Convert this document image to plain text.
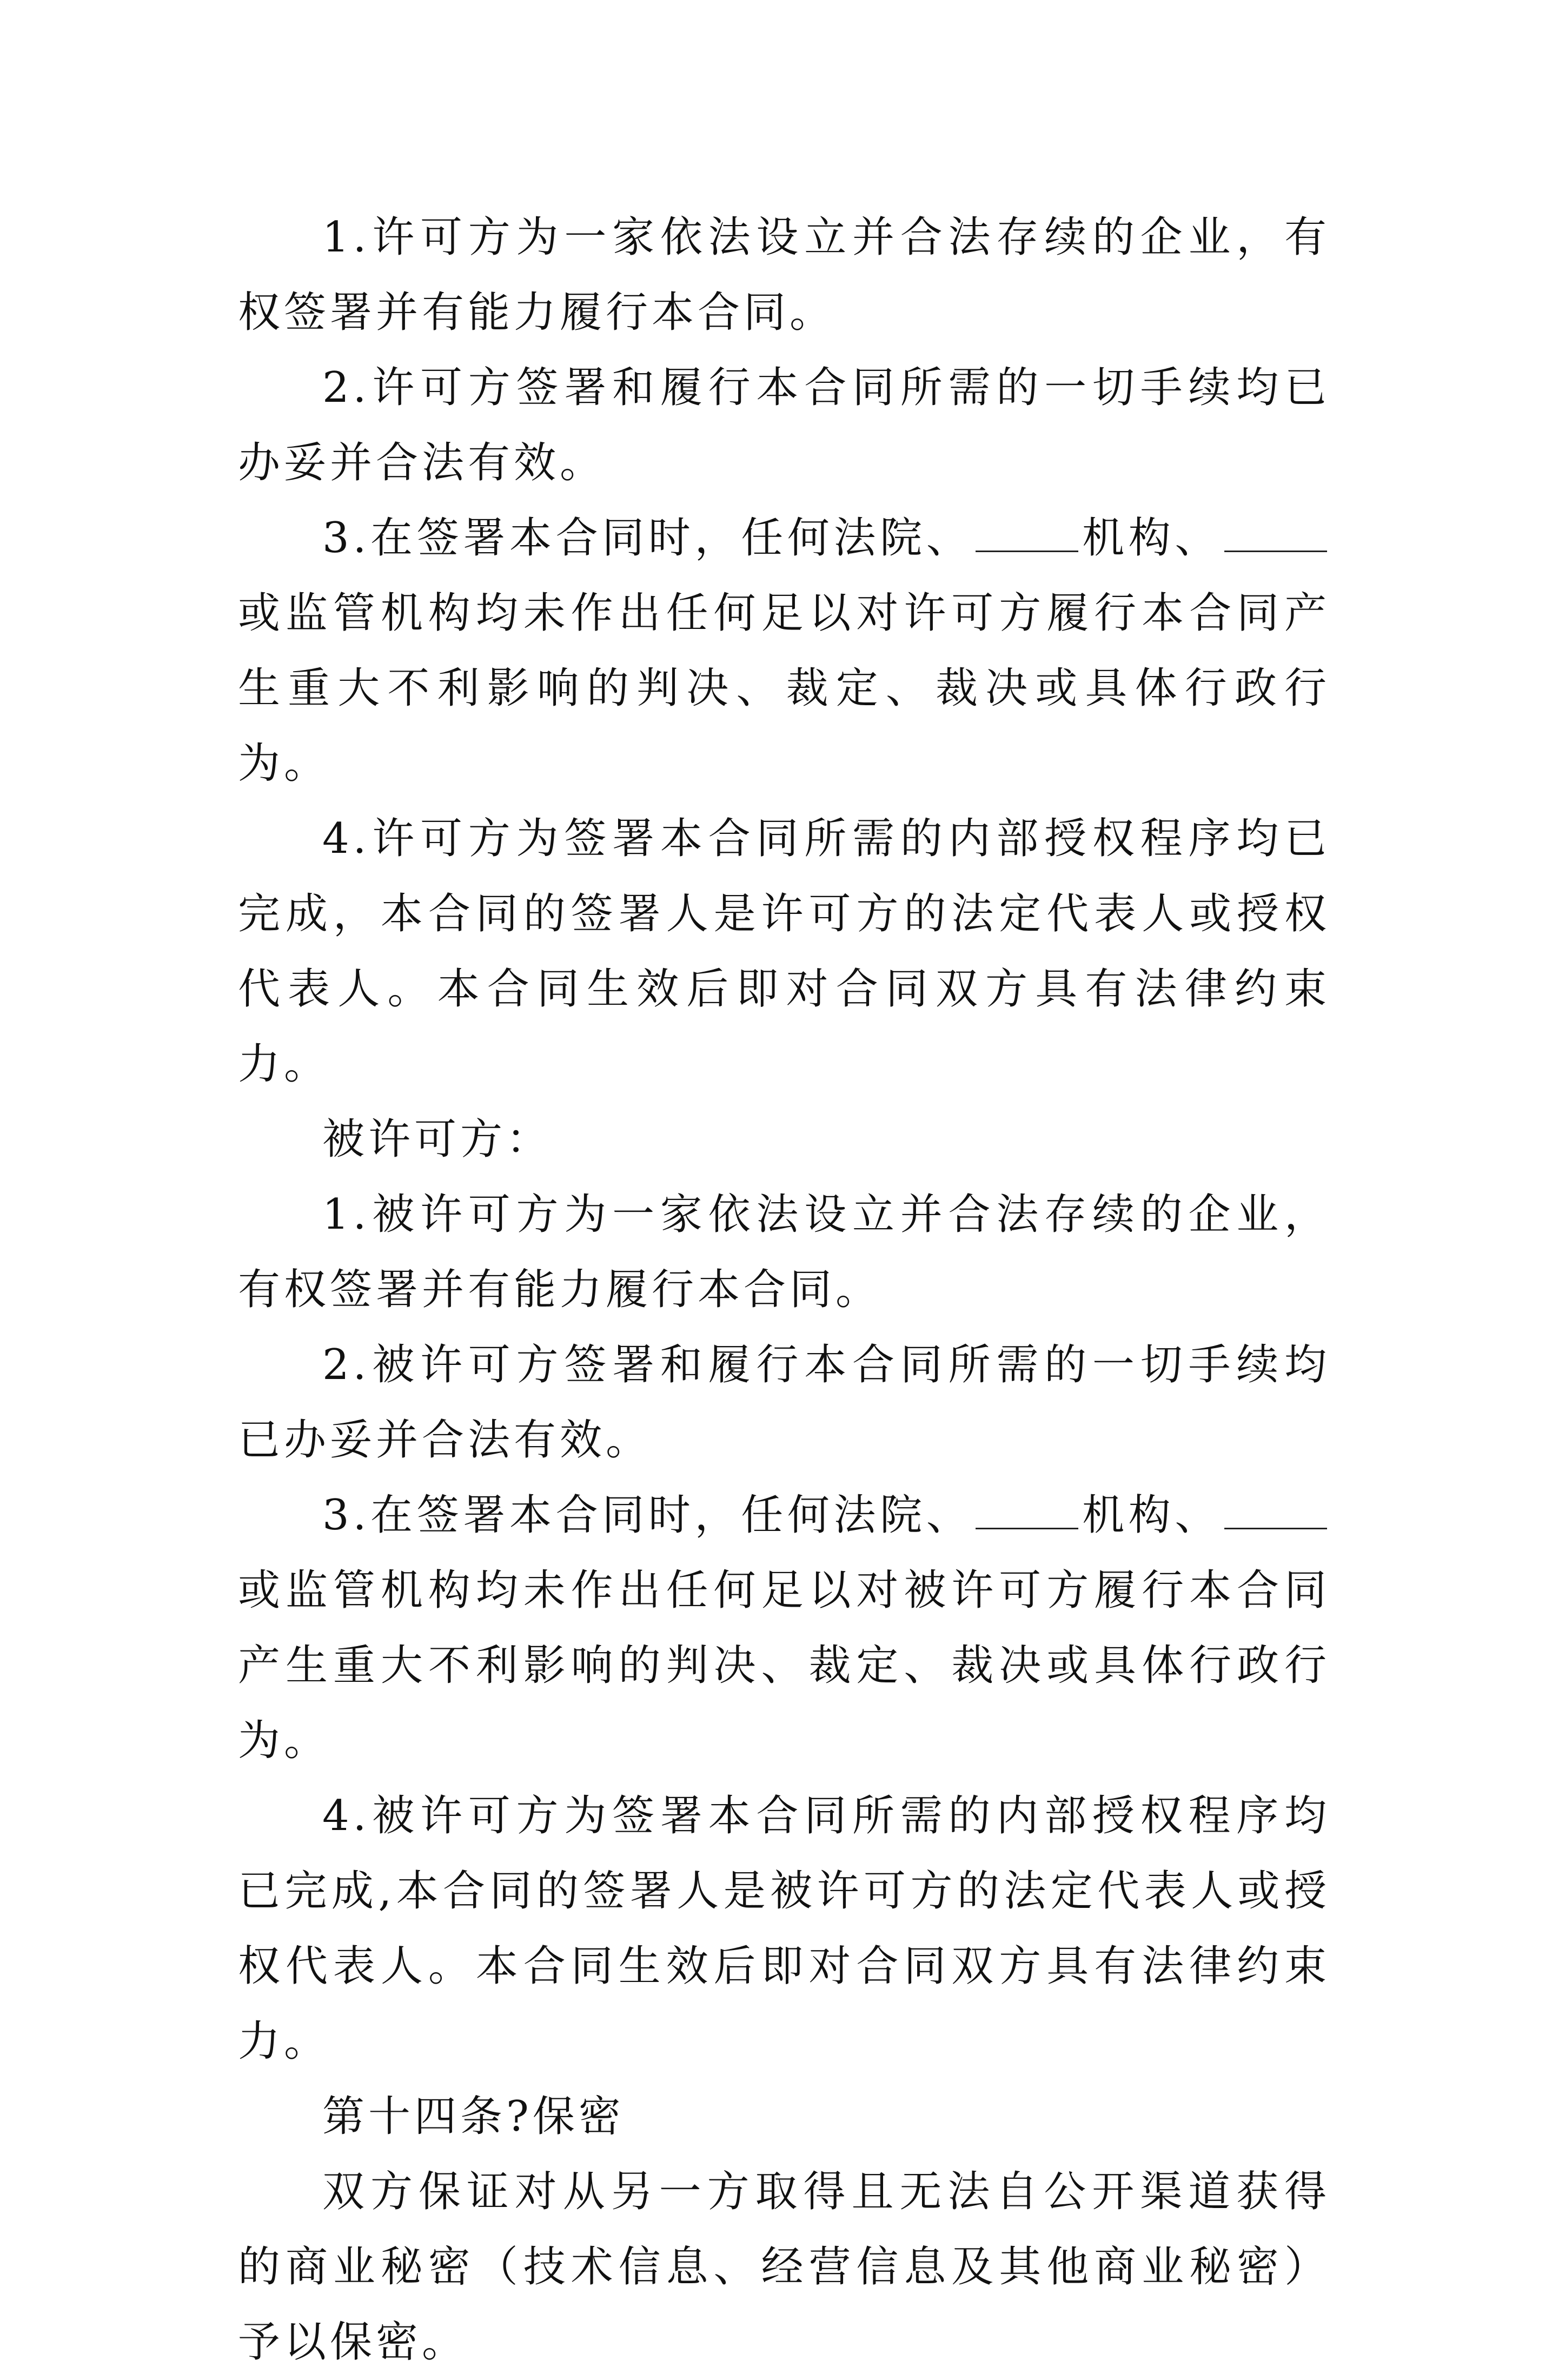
1.许可方为一家依法设立并合法存续的企业，有权签署并有能力履行本合同。

2.许可方签署和履行本合同所需的一切手续均已办妥并合法有效。

3.在签署本合同时，任何法院、	机构、或监管机构均未作出任何足以对许可方履行本合同产生重大不利影响的判决、裁定、裁决或具体行政行为。

4.许可方为签署本合同所需的内部授权程序均已完成，本合同的签署人是许可方的法定代表人或授权代表人。本合同生效后即对合同双方具有法律约束力。

被许可方：

1.被许可方为一家依法设立并合法存续的企业，有权签署并有能力履行本合同。

2.被许可方签署和履行本合同所需的一切手续均已办妥并合法有效。

3.在签署本合同时，任何法院、	机构、或监管机构均未作出任何足以对被许可方履行本合同产生重大不利影响的判决、裁定、裁决或具体行政行为。

4.被许可方为签署本合同所需的内部授权程序均已完成,本合同的签署人是被许可方的法定代表人或授权代表人。本合同生效后即对合同双方具有法律约束力。

第十四条?保密

双方保证对从另一方取得且无法自公开渠道获得的商业秘密（技术信息、经营信息及其他商业秘密）予以保密。
